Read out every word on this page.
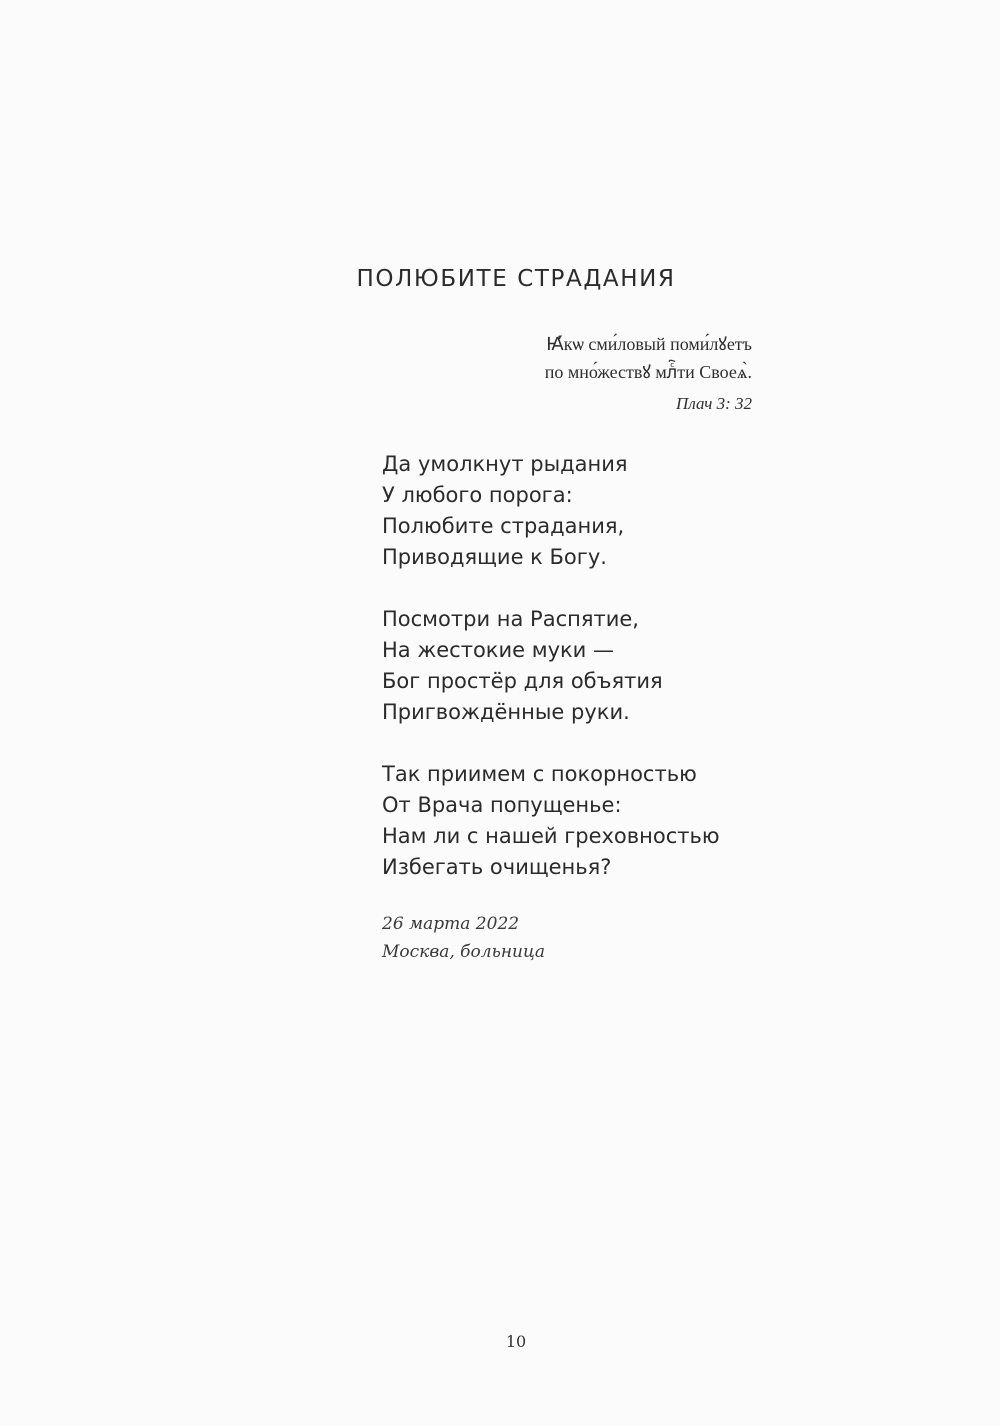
ПОЛЮБИТЕ СТРАДАНИЯ
Ꙗ҆́кѡ сми́ловый поми́лꙋетъ
по мно́жествꙋ млⷭ҇ти Своеѧ̀.
Плач 3: 32
Да умолкнут рыдания
У любого порога:
Полюбите страдания,
Приводящие к Богу.
Посмотри на Распятие,
На жестокие муки —
Бог простёр для объятия
Пригвождённые руки.
Так приимем с покорностью
От Врача попущенье:
Нам ли с нашей греховностью
Избегать очищенья?
26 марта 2022
Москва, больница
10
